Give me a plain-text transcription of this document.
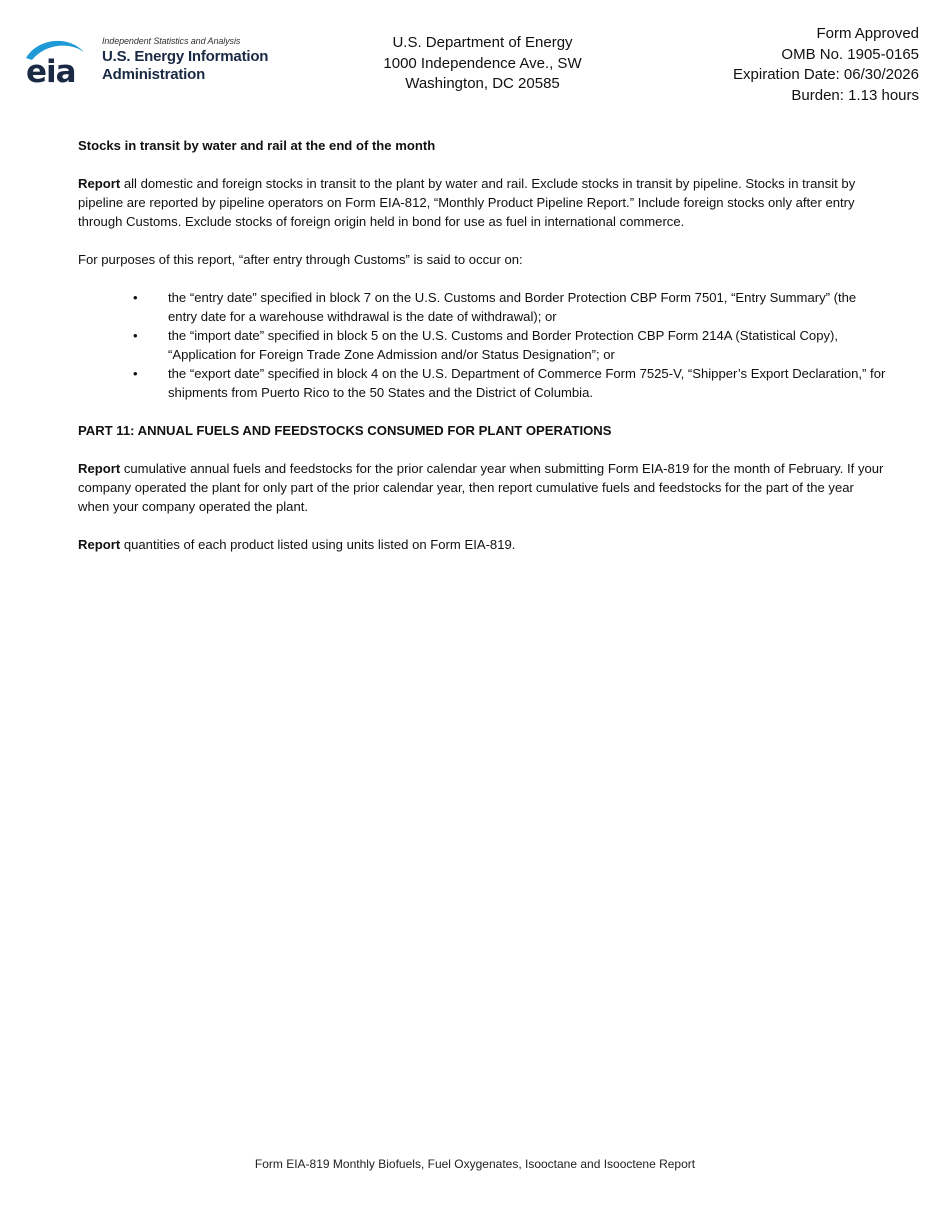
eia
Independent Statistics and Analysis
U.S. Energy Information
Administration
U.S. Department of Energy
1000 Independence Ave., SW
Washington, DC 20585
Form Approved
OMB No. 1905-0165
Expiration Date: 06/30/2026
Burden: 1.13 hours

Stocks in transit by water and rail at the end of the month

Report all domestic and foreign stocks in transit to the plant by water and rail. Exclude stocks in transit by pipeline. Stocks in transit by pipeline are reported by pipeline operators on Form EIA-812, “Monthly Product Pipeline Report.” Include foreign stocks only after entry through Customs. Exclude stocks of foreign origin held in bond for use as fuel in international commerce.

For purposes of this report, “after entry through Customs” is said to occur on:

• the “entry date” specified in block 7 on the U.S. Customs and Border Protection CBP Form 7501, “Entry Summary” (the entry date for a warehouse withdrawal is the date of withdrawal); or
• the “import date” specified in block 5 on the U.S. Customs and Border Protection CBP Form 214A (Statistical Copy), “Application for Foreign Trade Zone Admission and/or Status Designation”; or
• the “export date” specified in block 4 on the U.S. Department of Commerce Form 7525-V, “Shipper’s Export Declaration,” for shipments from Puerto Rico to the 50 States and the District of Columbia.

PART 11: ANNUAL FUELS AND FEEDSTOCKS CONSUMED FOR PLANT OPERATIONS

Report cumulative annual fuels and feedstocks for the prior calendar year when submitting Form EIA-819 for the month of February. If your company operated the plant for only part of the prior calendar year, then report cumulative fuels and feedstocks for the part of the year when your company operated the plant.

Report quantities of each product listed using units listed on Form EIA-819.

Form EIA-819 Monthly Biofuels, Fuel Oxygenates, Isooctane and Isooctene Report
